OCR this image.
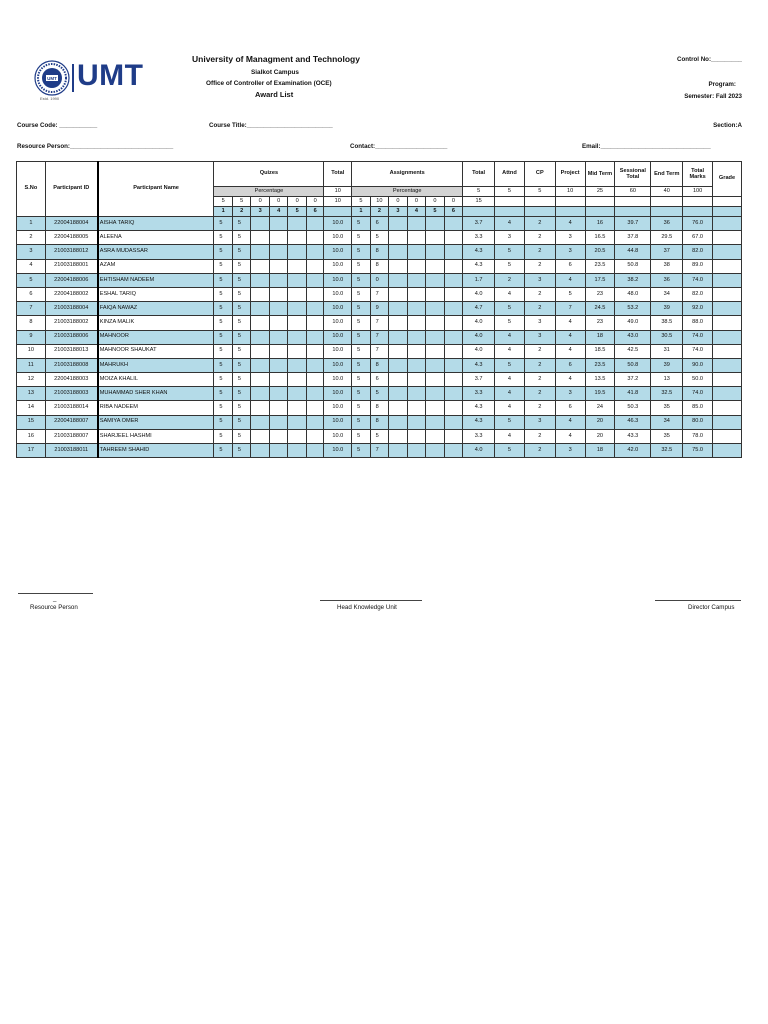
UMT
Estd. 1990
UMT	University of Managment and Technology
Sialkot Campus
Office of Controller of Examination (OCE)
Award List
Control No:_________
Program:
Semester: Fall 2023
Course Code: ___________	Course Title:_________________________	Section:A
Resource Person:______________________________	Contact:_____________________	Email:________________________________
S.No	Participant ID	Participant Name	Quizes						Total	Assignments						Total	Attnd	CP	Project	Mid Term	Sessional Total	End Term	Total Marks	Grade
			Percentage						10	Percentage						5	5	5	10	25	60	40	100	
			5	5	0	0	0	0	10	5	10	0	0	0	0	15								
			1	2	3	4	5	6		1	2	3	4	5	6									
1	22004188004	AISHA TARIQ	5	5					10.0	5	6					3.7	4	2	4	16	39.7	36	76.0	
2	22004188005	ALEENA	5	5					10.0	5	5					3.3	3	2	3	16.5	37.8	29.5	67.0	
3	21003188012	ASRA MUDASSAR	5	5					10.0	5	8					4.3	5	2	3	20.5	44.8	37	82.0	
4	21003188001	AZAM	5	5					10.0	5	8					4.3	5	2	6	23.5	50.8	38	89.0	
5	22004188006	EHTISHAM NADEEM	5	5					10.0	5	0					1.7	2	3	4	17.5	38.2	36	74.0	
6	22004188002	ESHAL TARIQ	5	5					10.0	5	7					4.0	4	2	5	23	48.0	34	82.0	
7	21003188004	FAIQA NAWAZ	5	5					10.0	5	9					4.7	5	2	7	24.5	53.2	39	92.0	
8	21003188002	KINZA MALIK	5	5					10.0	5	7					4.0	5	3	4	23	49.0	38.5	88.0	
9	21003188006	MAHNOOR	5	5					10.0	5	7					4.0	4	3	4	18	43.0	30.5	74.0	
10	21003188013	MAHNOOR SHAUKAT	5	5					10.0	5	7					4.0	4	2	4	18.5	42.5	31	74.0	
11	21003188008	MAHRUKH	5	5					10.0	5	8					4.3	5	2	6	23.5	50.8	39	90.0	
12	22004188003	MOIZA KHALIL	5	5					10.0	5	6					3.7	4	2	4	13.5	37.2	13	50.0	
13	21003188003	MUHAMMAD SHER KHAN	5	5					10.0	5	5					3.3	4	2	3	19.5	41.8	32.5	74.0	
14	21003188014	RIBA NADEEM	5	5					10.0	5	8					4.3	4	2	6	24	50.3	35	85.0	
15	22004188007	SAMIYA OMER	5	5					10.0	5	8					4.3	5	3	4	20	46.3	34	80.0	
16	21003188007	SHARJEEL HASHMI	5	5					10.0	5	5					3.3	4	2	4	20	43.3	35	78.0	
17	21003188011	TAHREEM SHAHID	5	5					10.0	5	7					4.0	5	2	3	18	42.0	32.5	75.0	
_
Resource Person	Head Knowledge Unit	Director Campus
